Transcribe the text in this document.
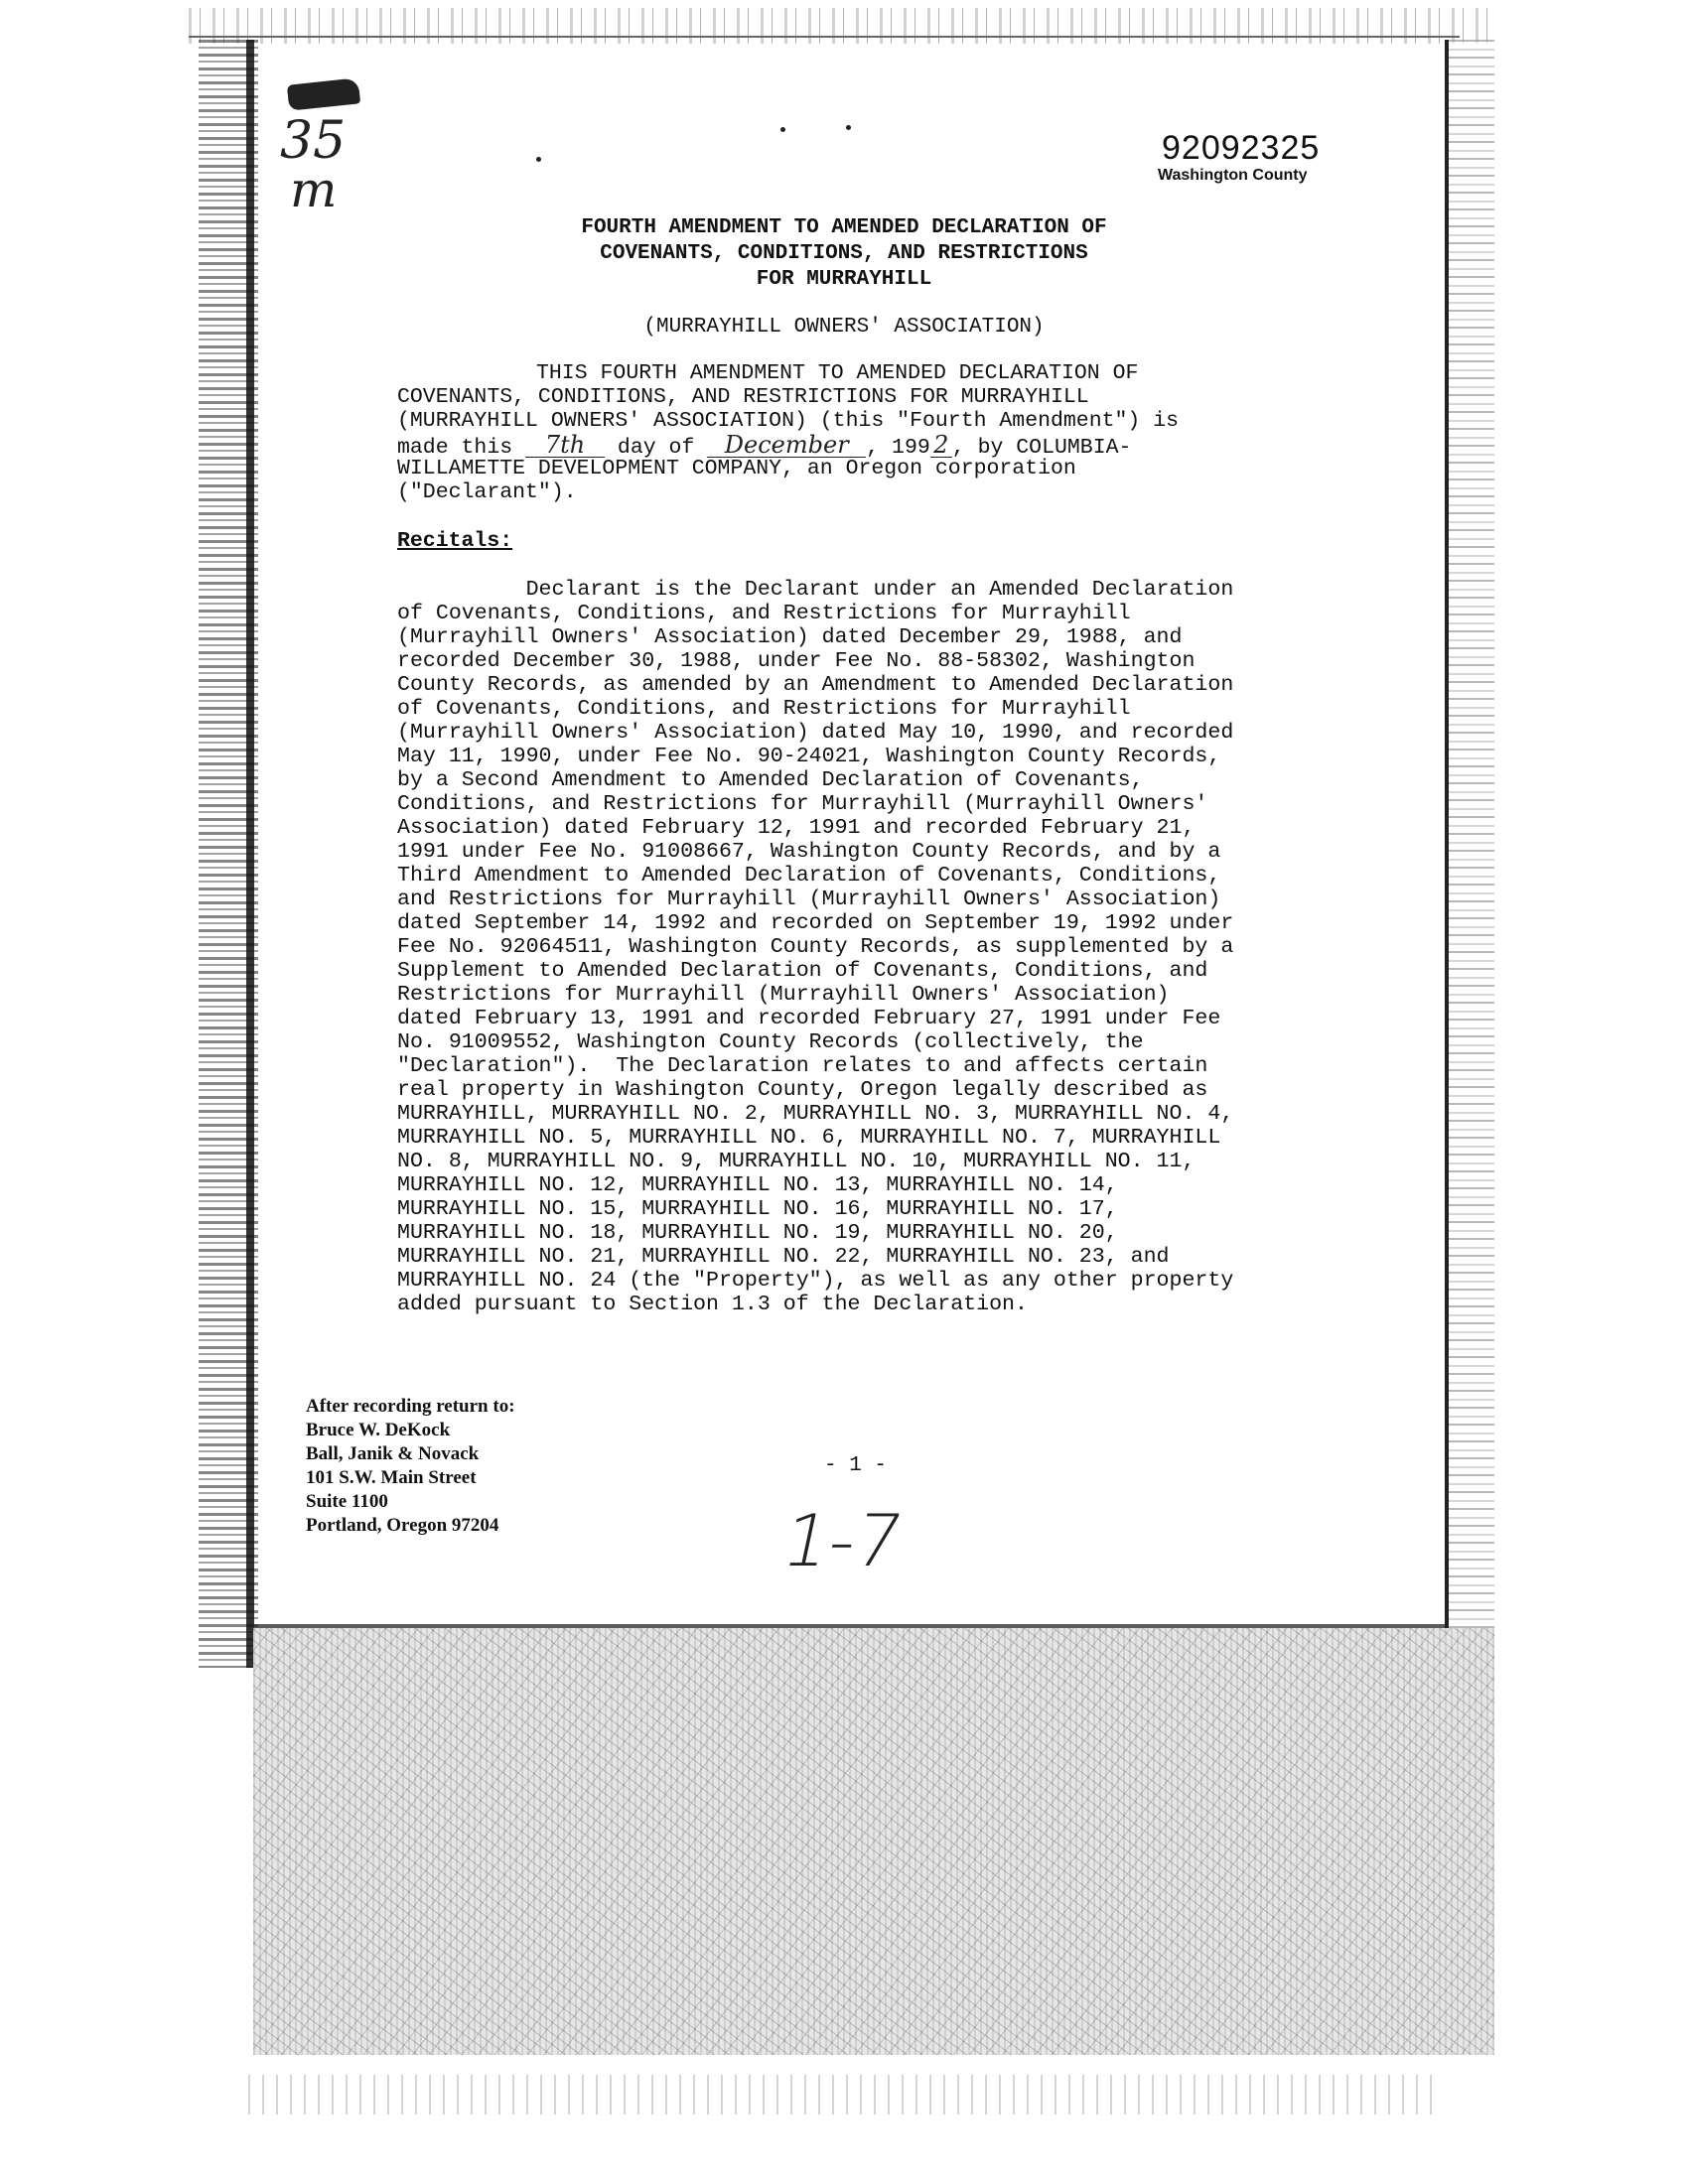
35
m
92092325
Washington County
FOURTH AMENDMENT TO AMENDED DECLARATION OF
COVENANTS, CONDITIONS, AND RESTRICTIONS
FOR MURRAYHILL
(MURRAYHILL OWNERS' ASSOCIATION)
THIS FOURTH AMENDMENT TO AMENDED DECLARATION OF
COVENANTS, CONDITIONS, AND RESTRICTIONS FOR MURRAYHILL
(MURRAYHILL OWNERS' ASSOCIATION) (this "Fourth Amendment") is
made this 7th day of December , 199 2 , by COLUMBIA-
WILLAMETTE DEVELOPMENT COMPANY, an Oregon corporation
("Declarant").
Recitals:
Declarant is the Declarant under an Amended Declaration
of Covenants, Conditions, and Restrictions for Murrayhill
(Murrayhill Owners' Association) dated December 29, 1988, and
recorded December 30, 1988, under Fee No. 88-58302, Washington
County Records, as amended by an Amendment to Amended Declaration
of Covenants, Conditions, and Restrictions for Murrayhill
(Murrayhill Owners' Association) dated May 10, 1990, and recorded
May 11, 1990, under Fee No. 90-24021, Washington County Records,
by a Second Amendment to Amended Declaration of Covenants,
Conditions, and Restrictions for Murrayhill (Murrayhill Owners'
Association) dated February 12, 1991 and recorded February 21,
1991 under Fee No. 91008667, Washington County Records, and by a
Third Amendment to Amended Declaration of Covenants, Conditions,
and Restrictions for Murrayhill (Murrayhill Owners' Association)
dated September 14, 1992 and recorded on September 19, 1992 under
Fee No. 92064511, Washington County Records, as supplemented by a
Supplement to Amended Declaration of Covenants, Conditions, and
Restrictions for Murrayhill (Murrayhill Owners' Association)
dated February 13, 1991 and recorded February 27, 1991 under Fee
No. 91009552, Washington County Records (collectively, the
"Declaration").  The Declaration relates to and affects certain
real property in Washington County, Oregon legally described as
MURRAYHILL, MURRAYHILL NO. 2, MURRAYHILL NO. 3, MURRAYHILL NO. 4,
MURRAYHILL NO. 5, MURRAYHILL NO. 6, MURRAYHILL NO. 7, MURRAYHILL
NO. 8, MURRAYHILL NO. 9, MURRAYHILL NO. 10, MURRAYHILL NO. 11,
MURRAYHILL NO. 12, MURRAYHILL NO. 13, MURRAYHILL NO. 14,
MURRAYHILL NO. 15, MURRAYHILL NO. 16, MURRAYHILL NO. 17,
MURRAYHILL NO. 18, MURRAYHILL NO. 19, MURRAYHILL NO. 20,
MURRAYHILL NO. 21, MURRAYHILL NO. 22, MURRAYHILL NO. 23, and
MURRAYHILL NO. 24 (the "Property"), as well as any other property
added pursuant to Section 1.3 of the Declaration.
After recording return to:
Bruce W. DeKock
Ball, Janik & Novack
101 S.W. Main Street
Suite 1100
Portland, Oregon 97204
- 1 -
1-7
